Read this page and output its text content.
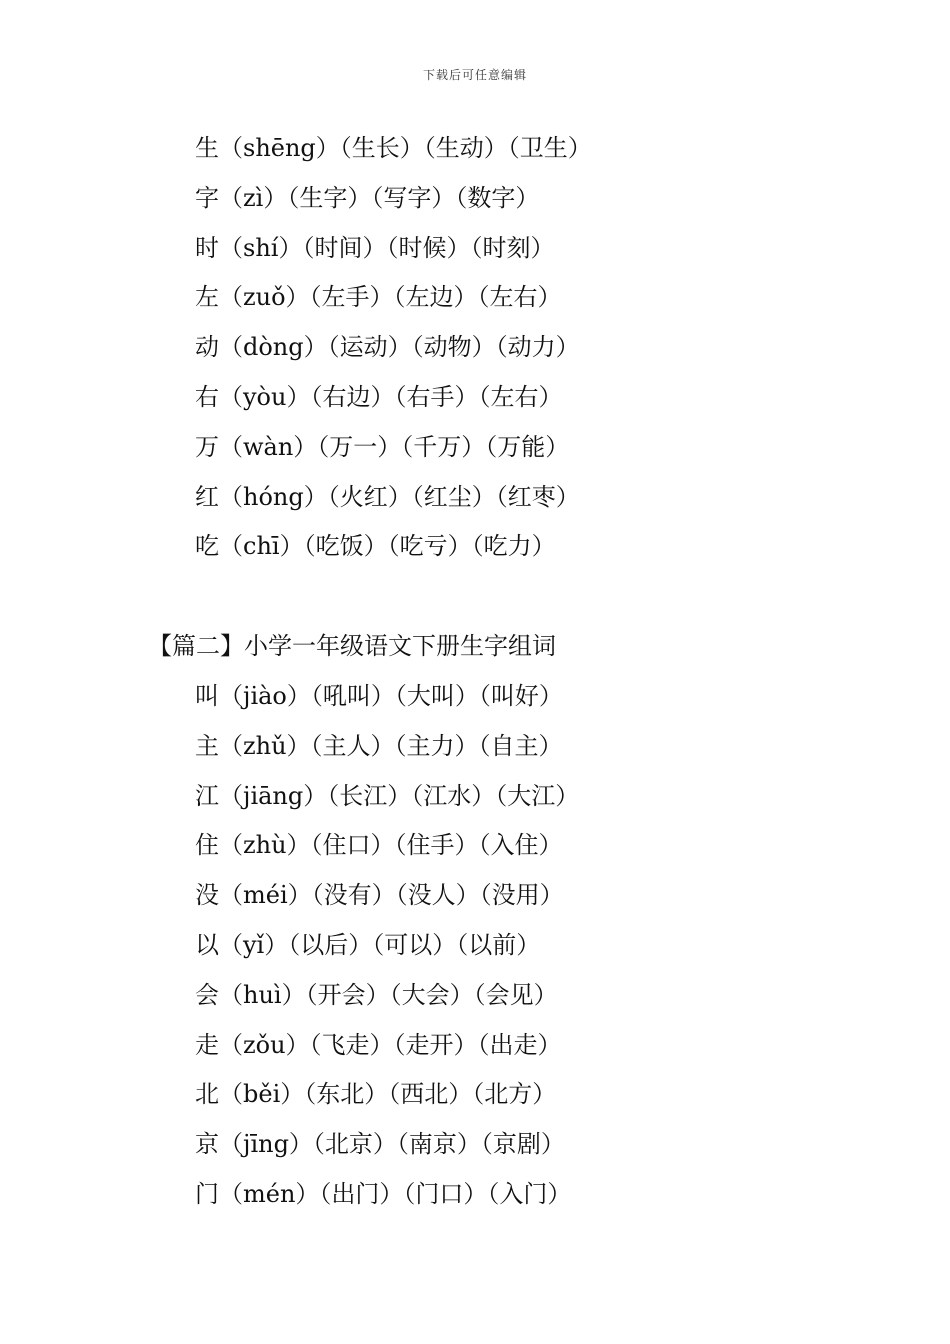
下载后可任意编辑
生（shēng）（生长）（生动）（卫生）
字（zì）（生字）（写字）（数字）
时（shí）（时间）（时候）（时刻）
左（zuǒ）（左手）（左边）（左右）
动（dòng）（运动）（动物）（动力）
右（yòu）（右边）（右手）（左右）
万（wàn）（万一）（千万）（万能）
红（hóng）（火红）（红尘）（红枣）
吃（chī）（吃饭）（吃亏）（吃力）
【篇二】小学一年级语文下册生字组词
叫（jiào）（吼叫）（大叫）（叫好）
主（zhǔ）（主人）（主力）（自主）
江（jiāng）（长江）（江水）（大江）
住（zhù）（住口）（住手）（入住）
没（méi）（没有）（没人）（没用）
以（yǐ）（以后）（可以）（以前）
会（huì）（开会）（大会）（会见）
走（zǒu）（飞走）（走开）（出走）
北（běi）（东北）（西北）（北方）
京（jīng）（北京）（南京）（京剧）
门（mén）（出门）（门口）（入门）
